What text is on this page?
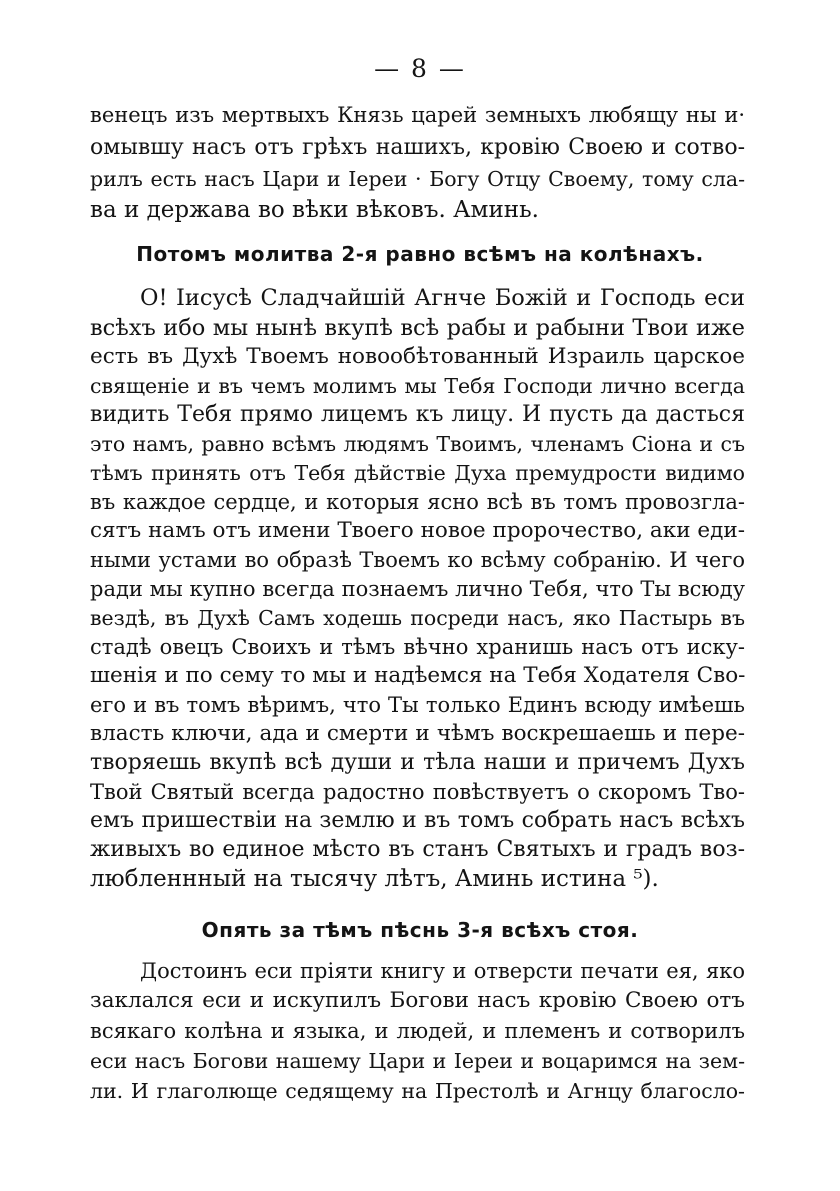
— 8 —
венецъ изъ мертвыхъ Князь царей земныхъ любящу ны и·
омывшу насъ отъ грѣхъ нашихъ, кровію Своею и сотво-
рилъ есть насъ Цари и Іереи · Богу Отцу Своему, тому сла-
ва и держава во вѣки вѣковъ. Аминь.
Потомъ молитва 2-я равно всѣмъ на колѣнахъ.
О! Іисусѣ Сладчайшій Агнче Божій и Господь еси
всѣхъ ибо мы нынѣ вкупѣ всѣ рабы и рабыни Твои иже
есть въ Духѣ Твоемъ новообѣтованный Израиль царское
священіе и въ чемъ молимъ мы Тебя Господи лично всегда
видить Тебя прямо лицемъ къ лицу. И пусть да дасться
это намъ, равно всѣмъ людямъ Твоимъ, членамъ Сіона и съ
тѣмъ принять отъ Тебя дѣйствіе Духа премудрости видимо
въ каждое сердце, и которыя ясно всѣ въ томъ провозгла-
сятъ намъ отъ имени Твоего новое пророчество, аки еди-
ными устами во образѣ Твоемъ ко всѣму собранію. И чего
ради мы купно всегда познаемъ лично Тебя, что Ты всюду
вездѣ, въ Духѣ Самъ ходешь посреди насъ, яко Пастырь въ
стадѣ овецъ Своихъ и тѣмъ вѣчно хранишь насъ отъ иску-
шенія и по сему то мы и надѣемся на Тебя Ходателя Сво-
его и въ томъ вѣримъ, что Ты только Единъ всюду имѣешь
власть ключи, ада и смерти и чѣмъ воскрешаешь и пере-
творяешь вкупѣ всѣ души и тѣла наши и причемъ Духъ
Твой Святый всегда радостно повѣствуетъ о скоромъ Тво-
емъ пришествіи на землю и въ томъ собрать насъ всѣхъ
живыхъ во единое мѣсто въ станъ Святыхъ и градъ воз-
любленнный на тысячу лѣтъ, Аминь истина ⁵).
Опять за тѣмъ пѣснь 3-я всѣхъ стоя.
Достоинъ еси пріяти книгу и отверсти печати ея, яко
заклался еси и искупилъ Богови насъ кровію Своею отъ
всякаго колѣна и языка, и людей, и племенъ и сотворилъ
еси насъ Богови нашему Цари и Іереи и воцаримся на зем-
ли. И глаголюще седящему на Престолѣ и Агнцу благосло-
